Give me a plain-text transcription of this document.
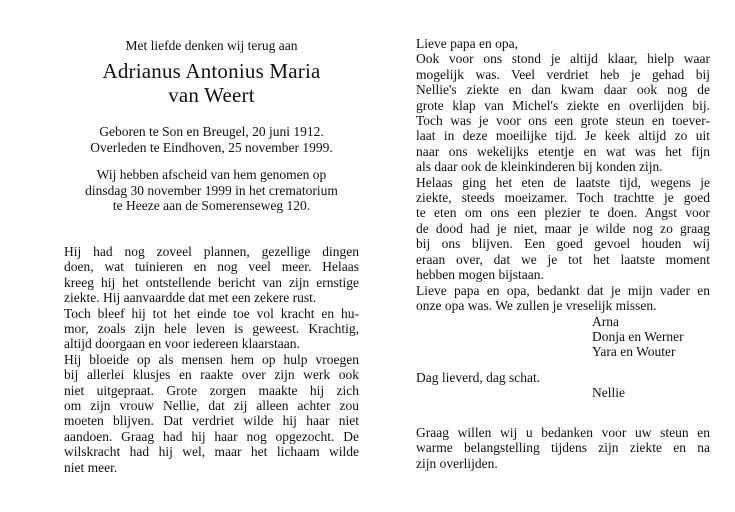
Met liefde denken wij terug aan
Adrianus Antonius Maria
van Weert
Geboren te Son en Breugel, 20 juni 1912.
Overleden te Eindhoven, 25 november 1999.
Wij hebben afscheid van hem genomen op
dinsdag 30 november 1999 in het crematorium
te Heeze aan de Somerenseweg 120.
Hij had nog zoveel plannen, gezellige dingen
doen, wat tuinieren en nog veel meer. Helaas
kreeg hij het ontstellende bericht van zijn ernstige
ziekte. Hij aanvaardde dat met een zekere rust.
Toch bleef hij tot het einde toe vol kracht en hu-
mor, zoals zijn hele leven is geweest. Krachtig,
altijd doorgaan en voor iedereen klaarstaan.
Hij bloeide op als mensen hem op hulp vroegen
bij allerlei klusjes en raakte over zijn werk ook
niet uitgepraat. Grote zorgen maakte hij zich
om zijn vrouw Nellie, dat zij alleen achter zou
moeten blijven. Dat verdriet wilde hij haar niet
aandoen. Graag had hij haar nog opgezocht. De
wilskracht had hij wel, maar het lichaam wilde
niet meer.
Lieve papa en opa,
Ook voor ons stond je altijd klaar, hielp waar
mogelijk was. Veel verdriet heb je gehad bij
Nellie's ziekte en dan kwam daar ook nog de
grote klap van Michel's ziekte en overlijden bij.
Toch was je voor ons een grote steun en toever-
laat in deze moeilijke tijd. Je keek altijd zo uit
naar ons wekelijks etentje en wat was het fijn
als daar ook de kleinkinderen bij konden zijn.
Helaas ging het eten de laatste tijd, wegens je
ziekte, steeds moeizamer. Toch trachtte je goed
te eten om ons een plezier te doen. Angst voor
de dood had je niet, maar je wilde nog zo graag
bij ons blijven. Een goed gevoel houden wij
eraan over, dat we je tot het laatste moment
hebben mogen bijstaan.
Lieve papa en opa, bedankt dat je mijn vader en
onze opa was. We zullen je vreselijk missen.
Arna
Donja en Werner
Yara en Wouter
Dag lieverd, dag schat.
Nellie
Graag willen wij u bedanken voor uw steun en
warme belangstelling tijdens zijn ziekte en na
zijn overlijden.
